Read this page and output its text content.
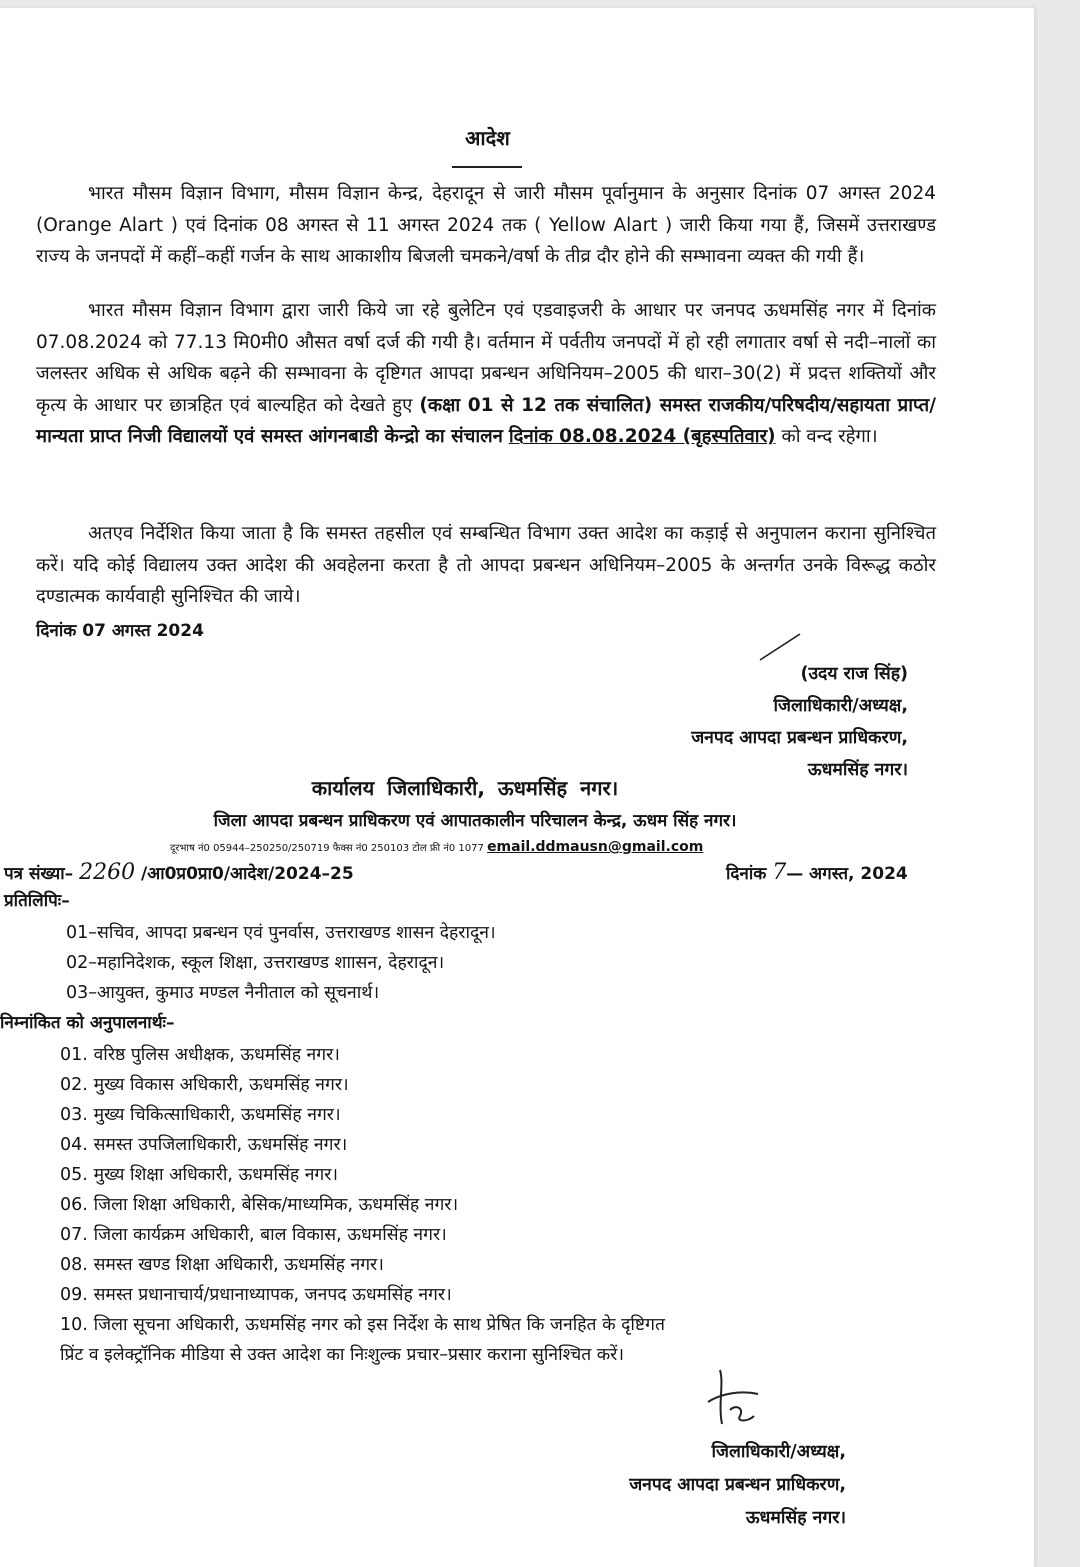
आदेश
भारत मौसम विज्ञान विभाग, मौसम विज्ञान केन्द्र, देहरादून से जारी मौसम पूर्वानुमान के अनुसार दिनांक 07 अगस्त 2024 (Orange Alart ) एवं दिनांक 08 अगस्त से 11 अगस्त 2024 तक ( Yellow Alart ) जारी किया गया हैं, जिसमें उत्तराखण्ड राज्य के जनपदों में कहीं–कहीं गर्जन के साथ आकाशीय बिजली चमकने/वर्षा के तीव्र दौर होने की सम्भावना व्यक्त की गयी हैं।
भारत मौसम विज्ञान विभाग द्वारा जारी किये जा रहे बुलेटिन एवं एडवाइजरी के आधार पर जनपद ऊधमसिंह नगर में दिनांक 07.08.2024 को 77.13 मि0मी0 औसत वर्षा दर्ज की गयी है। वर्तमान में पर्वतीय जनपदों में हो रही लगातार वर्षा से नदी–नालों का जलस्तर अधिक से अधिक बढ़ने की सम्भावना के दृष्टिगत आपदा प्रबन्धन अधिनियम–2005 की धारा–30(2) में प्रदत्त शक्तियों और कृत्य के आधार पर छात्रहित एवं बाल्यहित को देखते हुए (कक्षा 01 से 12 तक संचालित) समस्त राजकीय/परिषदीय/सहायता प्राप्त/मान्यता प्राप्त निजी विद्यालयों एवं समस्त आंगनबाडी केन्द्रो का संचालन दिनांक 08.08.2024 (बृहस्पतिवार) को वन्द रहेगा।
अतएव निर्देशित किया जाता है कि समस्त तहसील एवं सम्बन्धित विभाग उक्त आदेश का कड़ाई से अनुपालन कराना सुनिश्चित करें। यदि कोई विद्यालय उक्त आदेश की अवहेलना करता है तो आपदा प्रबन्धन अधिनियम–2005 के अन्तर्गत उनके विरूद्ध कठोर दण्डात्मक कार्यवाही सुनिश्चित की जाये।
दिनांक 07 अगस्त 2024
(उदय राज सिंह)
जिलाधिकारी/अध्यक्ष,
जनपद आपदा प्रबन्धन प्राधिकरण,
ऊधमसिंह नगर।
कार्यालय जिलाधिकारी, ऊधमसिंह नगर।
जिला आपदा प्रबन्धन प्राधिकरण एवं आपातकालीन परिचालन केन्द्र, ऊधम सिंह नगर।
दूरभाष नं0 05944–250250/250719 फैक्स नं0 250103 टोल फ्री नं0 1077 email.ddmausn@gmail.com
पत्र संख्या– 2260 /आ0प्र0प्रा0/आदेश/2024–25	दिनांक 7— अगस्त, 2024
प्रतिलिपिः–
01–सचिव, आपदा प्रबन्धन एवं पुनर्वास, उत्तराखण्ड शासन देहरादून।
02–महानिदेशक, स्कूल शिक्षा, उत्तराखण्ड शाासन, देहरादून।
03–आयुक्त, कुमाउ मण्डल नैनीताल को सूचनार्थ।
निम्नांकित को अनुपालनार्थः–
01. वरिष्ठ पुलिस अधीक्षक, ऊधमसिंह नगर।
02. मुख्य विकास अधिकारी, ऊधमसिंह नगर।
03. मुख्य चिकित्साधिकारी, ऊधमसिंह नगर।
04. समस्त उपजिलाधिकारी, ऊधमसिंह नगर।
05. मुख्य शिक्षा अधिकारी, ऊधमसिंह नगर।
06. जिला शिक्षा अधिकारी, बेसिक/माध्यमिक, ऊधमसिंह नगर।
07. जिला कार्यक्रम अधिकारी, बाल विकास, ऊधमसिंह नगर।
08. समस्त खण्ड शिक्षा अधिकारी, ऊधमसिंह नगर।
09. समस्त प्रधानाचार्य/प्रधानाध्यापक, जनपद ऊधमसिंह नगर।
10. जिला सूचना अधिकारी, ऊधमसिंह नगर को इस निर्देश के साथ प्रेषित कि जनहित के दृष्टिगत
प्रिंट व इलेक्ट्रॉनिक मीडिया से उक्त आदेश का निःशुल्क प्रचार–प्रसार कराना सुनिश्चित करें।
जिलाधिकारी/अध्यक्ष,
जनपद आपदा प्रबन्धन प्राधिकरण,
ऊधमसिंह नगर।
